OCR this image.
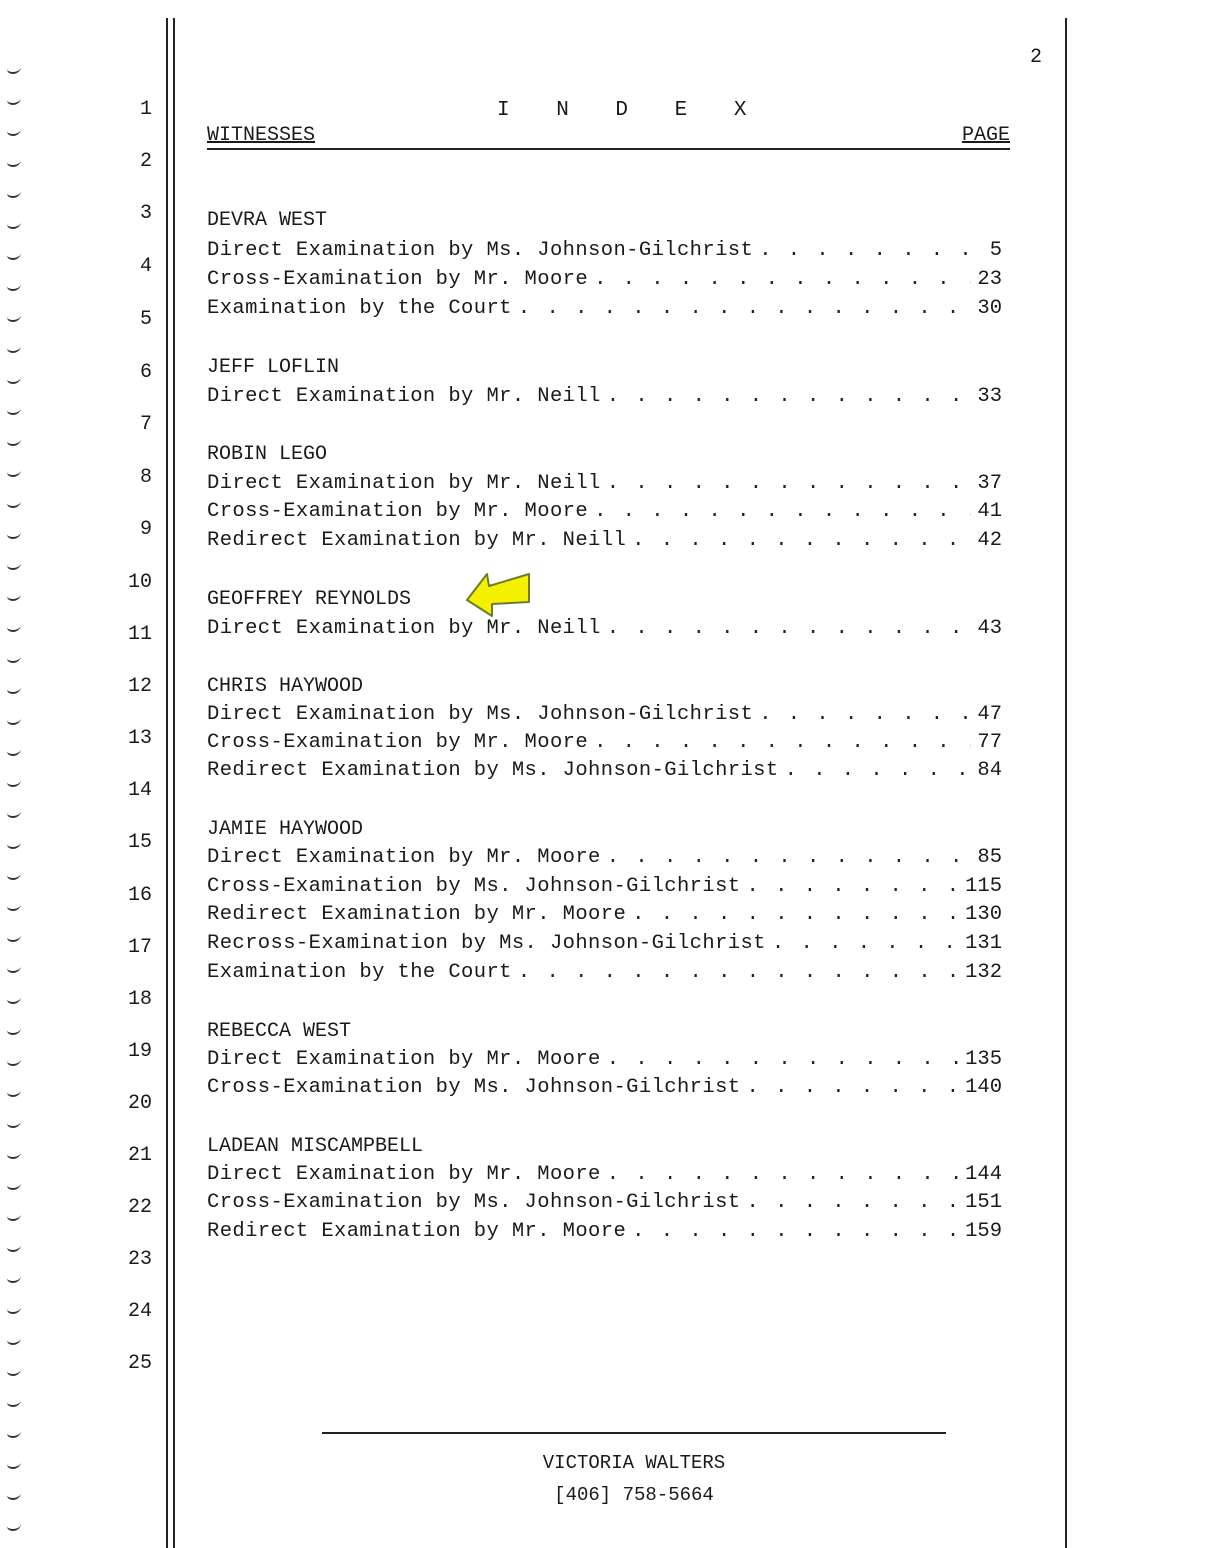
1
2
3
4
5
6
7
8
9
10
11
12
13
14
15
16
17
18
19
20
21
22
23
24
25
2
I N D E X
WITNESSES	PAGE
DEVRA WEST
Direct Examination by Ms. Johnson-Gilchrist . . .	5
Cross-Examination by Mr. Moore . . .	23
Examination by the Court . . .	30
JEFF LOFLIN
Direct Examination by Mr. Neill . . .	33
ROBIN LEGO
Direct Examination by Mr. Neill . . .	37
Cross-Examination by Mr. Moore . . .	41
Redirect Examination by Mr. Neill . . .	42
GEOFFREY REYNOLDS
Direct Examination by Mr. Neill . . .	43
CHRIS HAYWOOD
Direct Examination by Ms. Johnson-Gilchrist . . .	47
Cross-Examination by Mr. Moore . . .	77
Redirect Examination by Ms. Johnson-Gilchrist . . .	84
JAMIE HAYWOOD
Direct Examination by Mr. Moore . . .	85
Cross-Examination by Ms. Johnson-Gilchrist . . .	115
Redirect Examination by Mr. Moore . . .	130
Recross-Examination by Ms. Johnson-Gilchrist . . .	131
Examination by the Court . . .	132
REBECCA WEST
Direct Examination by Mr. Moore . . .	135
Cross-Examination by Ms. Johnson-Gilchrist . . .	140
LADEAN MISCAMPBELL
Direct Examination by Mr. Moore . . .	144
Cross-Examination by Ms. Johnson-Gilchrist . . .	151
Redirect Examination by Mr. Moore . . .	159
VICTORIA WALTERS
[406] 758-5664
